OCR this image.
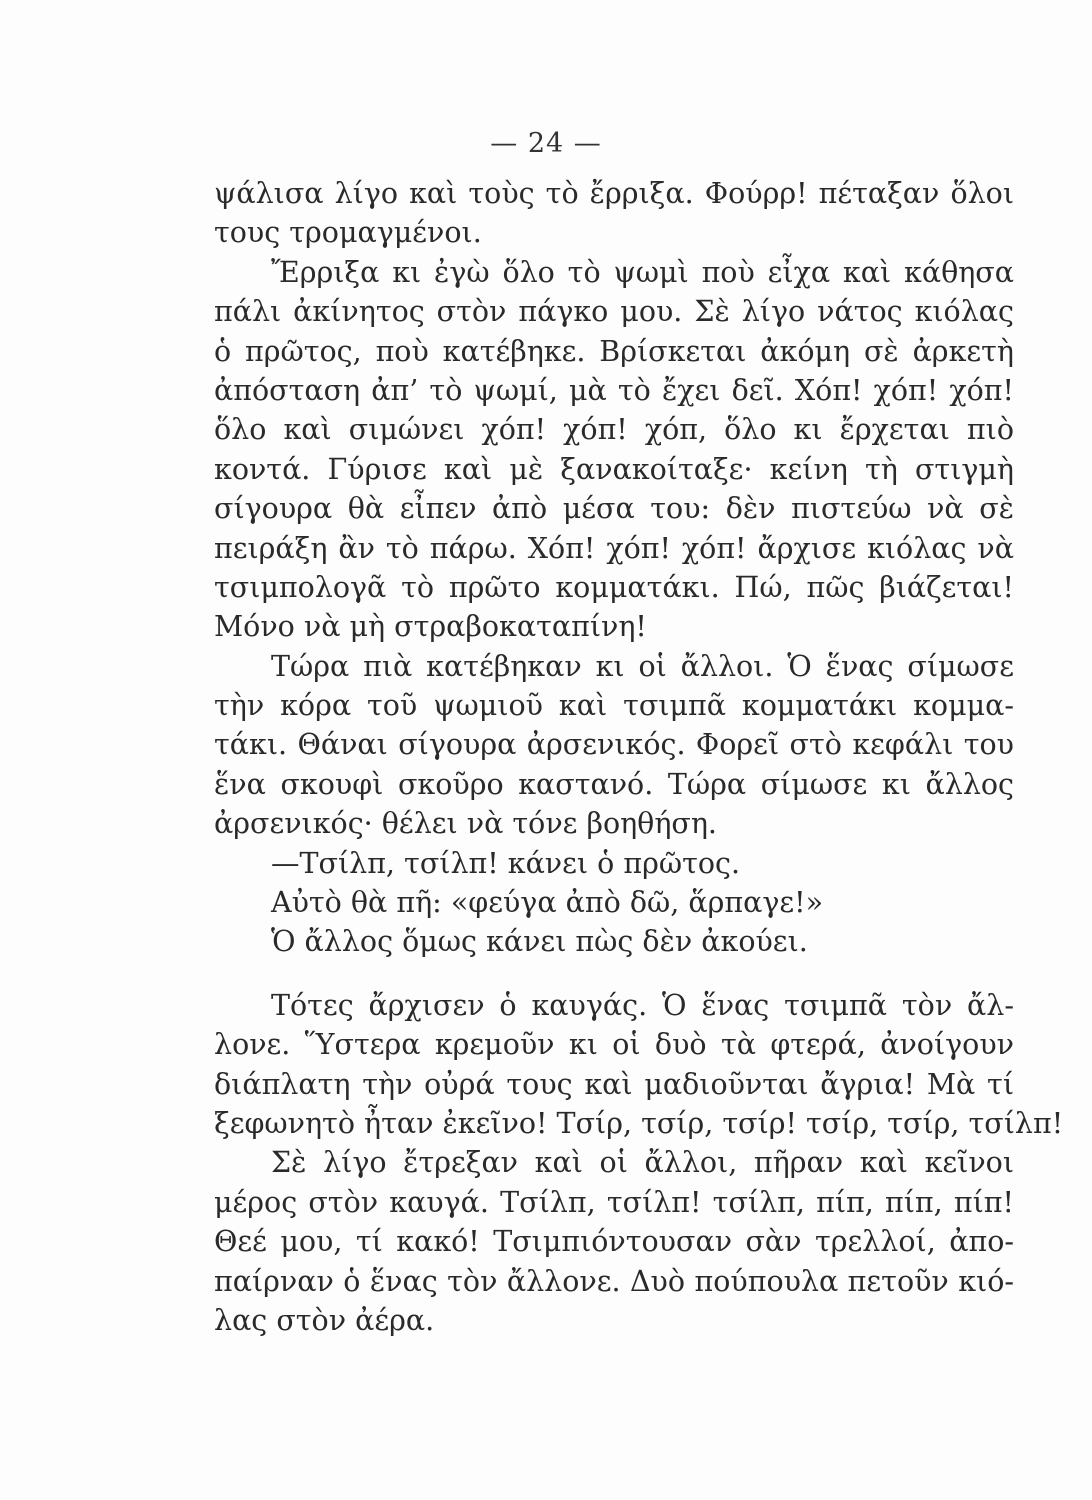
— 24 —
ψάλισα λίγο καὶ τοὺς τὸ ἔρριξα. Φούρρ! πέταξαν ὅλοι
τους τρομαγμένοι.
Ἔρριξα κι ἐγὼ ὅλο τὸ ψωμὶ ποὺ εἶχα καὶ κάθησα
πάλι ἀκίνητος στὸν πάγκο μου. Σὲ λίγο νάτος κιόλας
ὁ πρῶτος, ποὺ κατέβηκε. Βρίσκεται ἀκόμη σὲ ἀρκετὴ
ἀπόσταση ἀπ’ τὸ ψωμί, μὰ τὸ ἔχει δεῖ. Χόπ! χόπ! χόπ!
ὅλο καὶ σιμώνει χόπ! χόπ! χόπ, ὅλο κι ἔρχεται πιὸ
κοντά. Γύρισε καὶ μὲ ξανακοίταξε· κείνη τὴ στιγμὴ
σίγουρα θὰ εἶπεν ἀπὸ μέσα του: δὲν πιστεύω νὰ σὲ
πειράξη ἂν τὸ πάρω. Χόπ! χόπ! χόπ! ἄρχισε κιόλας νὰ
τσιμπολογᾶ τὸ πρῶτο κομματάκι. Πώ, πῶς βιάζεται!
Μόνο νὰ μὴ στραβοκαταπίνη!
Τώρα πιὰ κατέβηκαν κι οἱ ἄλλοι. Ὁ ἕνας σίμωσε
τὴν κόρα τοῦ ψωμιοῦ καὶ τσιμπᾶ κομματάκι κομμα-
τάκι. Θάναι σίγουρα ἀρσενικός. Φορεῖ στὸ κεφάλι του
ἕνα σκουφὶ σκοῦρο καστανό. Τώρα σίμωσε κι ἄλλος
ἀρσενικός· θέλει νὰ τόνε βοηθήση.
—Τσίλπ, τσίλπ! κάνει ὁ πρῶτος.
Αὐτὸ θὰ πῆ: «φεύγα ἀπὸ δῶ, ἅρπαγε!»
Ὁ ἄλλος ὅμως κάνει πὼς δὲν ἀκούει.
Τότες ἄρχισεν ὁ καυγάς. Ὁ ἕνας τσιμπᾶ τὸν ἄλ-
λονε. Ὕστερα κρεμοῦν κι οἱ δυὸ τὰ φτερά, ἀνοίγουν
διάπλατη τὴν οὐρά τους καὶ μαδιοῦνται ἄγρια! Μὰ τί
ξεφωνητὸ ἦταν ἐκεῖνο! Τσίρ, τσίρ, τσίρ! τσίρ, τσίρ, τσίλπ!
Σὲ λίγο ἔτρεξαν καὶ οἱ ἄλλοι, πῆραν καὶ κεῖνοι
μέρος στὸν καυγά. Τσίλπ, τσίλπ! τσίλπ, πίπ, πίπ, πίπ!
Θεέ μου, τί κακό! Τσιμπιόντουσαν σὰν τρελλοί, ἀπο-
παίρναν ὁ ἕνας τὸν ἄλλονε. Δυὸ πούπουλα πετοῦν κιό-
λας στὸν ἀέρα.
